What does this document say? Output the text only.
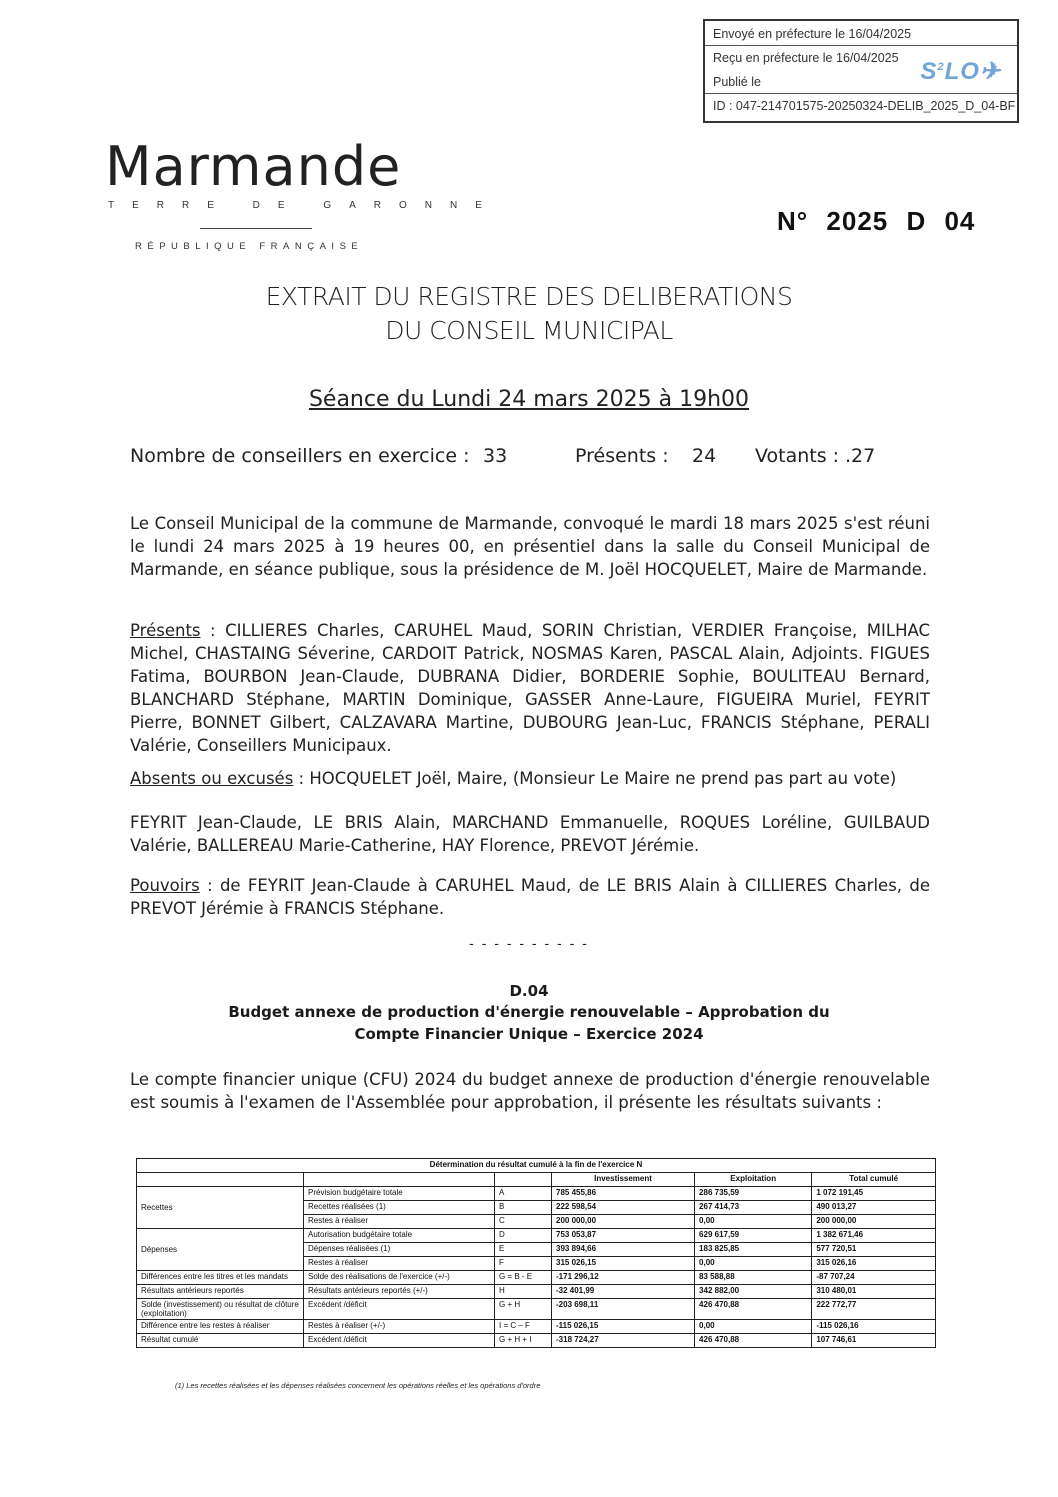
Envoyé en préfecture le 16/04/2025
Reçu en préfecture le 16/04/2025
Publié le
ID : 047-214701575-20250324-DELIB_2025_D_04-BF
$S^2LO✈$
Marmande
TERRE DE GARONNE
RÉPUBLIQUE FRANÇAISE
N° 2025 D 04
EXTRAIT DU REGISTRE DES DELIBERATIONS
DU CONSEIL MUNICIPAL
Séance du Lundi 24 mars 2025 à 19h00
Nombre de conseillers en exercice : 33	Présents : 24 Votants : .27
Le Conseil Municipal de la commune de Marmande, convoqué le mardi 18 mars 2025 s'est réuni le lundi 24 mars 2025 à 19 heures 00, en présentiel dans la salle du Conseil Municipal de Marmande, en séance publique, sous la présidence de M. Joël HOCQUELET, Maire de Marmande.
Présents : CILLIERES Charles, CARUHEL Maud, SORIN Christian, VERDIER Françoise, MILHAC Michel, CHASTAING Séverine, CARDOIT Patrick, NOSMAS Karen, PASCAL Alain, Adjoints. FIGUES Fatima, BOURBON Jean-Claude, DUBRANA Didier, BORDERIE Sophie, BOULITEAU Bernard, BLANCHARD Stéphane, MARTIN Dominique, GASSER Anne-Laure, FIGUEIRA Muriel, FEYRIT Pierre, BONNET Gilbert, CALZAVARA Martine, DUBOURG Jean-Luc, FRANCIS Stéphane, PERALI Valérie, Conseillers Municipaux.
Absents ou excusés : HOCQUELET Joël, Maire, (Monsieur Le Maire ne prend pas part au vote)
FEYRIT Jean-Claude, LE BRIS Alain, MARCHAND Emmanuelle, ROQUES Loréline, GUILBAUD Valérie, BALLEREAU Marie-Catherine, HAY Florence, PREVOT Jérémie.
Pouvoirs : de FEYRIT Jean-Claude à CARUHEL Maud, de LE BRIS Alain à CILLIERES Charles, de PREVOT Jérémie à FRANCIS Stéphane.
- - - - - - - - - -
D.04
Budget annexe de production d'énergie renouvelable – Approbation du
Compte Financier Unique – Exercice 2024
Le compte financier unique (CFU) 2024 du budget annexe de production d'énergie renouvelable est soumis à l'examen de l'Assemblée pour approbation, il présente les résultats suivants :
Détermination du résultat cumulé à la fin de l'exercice N					
			Investissement	Exploitation	Total cumulé
Recettes	Prévision budgétaire totale	A	785 455,86	286 735,59	1 072 191,45
	Recettes réalisées (1)	B	222 598,54	267 414,73	490 013,27
	Restes à réaliser	C	200 000,00	0,00	200 000,00
Dépenses	Autorisation budgétaire totale	D	753 053,87	629 617,59	1 382 671,46
	Dépenses réalisées (1)	E	393 894,66	183 825,85	577 720,51
	Restes à réaliser	F	315 026,15	0,00	315 026,16
Différences entre les titres et les mandats	Solde des réalisations de l'exercice (+/-)	G = B - E	-171 296,12	83 588,88	-87 707,24
Résultats antérieurs reportés	Résultats antérieurs reportés (+/-)	H	-32 401,99	342 882,00	310 480,01
Solde (investissement) ou résultat de clôture (exploitation)	Excédent /déficit	G + H	-203 698,11	426 470,88	222 772,77
Différence entre les restes à réaliser	Restes à réaliser (+/-)	I = C – F	-115 026,15	0,00	-115 026,16
Résultat cumulé	Excédent /déficit	G + H + I	-318 724,27	426 470,88	107 746,61
(1) Les recettes réalisées et les dépenses réalisées concernent les opérations réelles et les opérations d'ordre
